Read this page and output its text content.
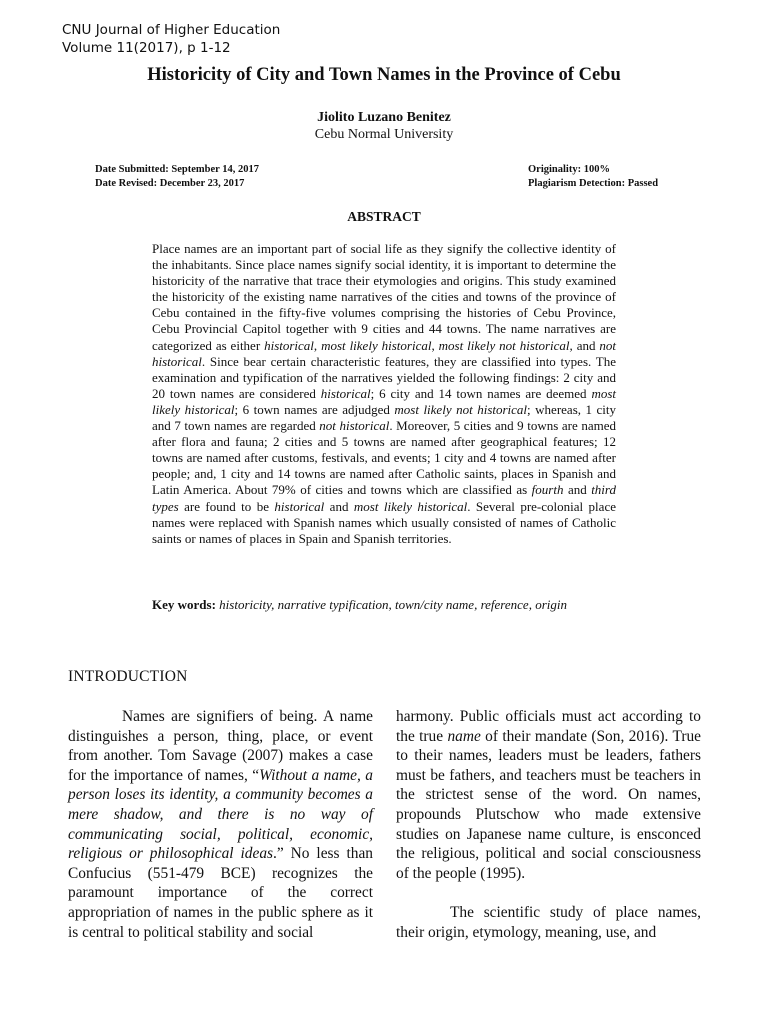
CNU Journal of Higher Education
Volume 11(2017), p 1-12
Historicity of City and Town Names in the Province of Cebu
Jiolito Luzano Benitez
Cebu Normal University
Date Submitted: September 14, 2017
Date Revised: December 23, 2017
Originality: 100%
Plagiarism Detection: Passed
ABSTRACT
Place names are an important part of social life as they signify the collective identity of the inhabitants. Since place names signify social identity, it is important to determine the historicity of the narrative that trace their etymologies and origins. This study examined the historicity of the existing name narratives of the cities and towns of the province of Cebu contained in the fifty-five volumes comprising the histories of Cebu Province, Cebu Provincial Capitol together with 9 cities and 44 towns. The name narratives are categorized as either historical, most likely historical, most likely not historical, and not historical. Since bear certain characteristic features, they are classified into types. The examination and typification of the narratives yielded the following findings: 2 city and 20 town names are considered historical; 6 city and 14 town names are deemed most likely historical; 6 town names are adjudged most likely not historical; whereas, 1 city and 7 town names are regarded not historical. Moreover, 5 cities and 9 towns are named after flora and fauna; 2 cities and 5 towns are named after geographical features; 12 towns are named after customs, festivals, and events; 1 city and 4 towns are named after people; and, 1 city and 14 towns are named after Catholic saints, places in Spanish and Latin America. About 79% of cities and towns which are classified as fourth and third types are found to be historical and most likely historical. Several pre-colonial place names were replaced with Spanish names which usually consisted of names of Catholic saints or names of places in Spain and Spanish territories.
Key words: historicity, narrative typification, town/city name, reference, origin
INTRODUCTION
Names are signifiers of being. A name distinguishes a person, thing, place, or event from another. Tom Savage (2007) makes a case for the importance of names, “Without a name, a person loses its identity, a community becomes a mere shadow, and there is no way of communicating social, political, economic, religious or philosophical ideas.” No less than Confucius (551-479 BCE) recognizes the paramount importance of the correct appropriation of names in the public sphere as it is central to political stability and social
harmony. Public officials must act according to the true name of their mandate (Son, 2016). True to their names, leaders must be leaders, fathers must be fathers, and teachers must be teachers in the strictest sense of the word. On names, propounds Plutschow who made extensive studies on Japanese name culture, is ensconced the religious, political and social consciousness of the people (1995).
The scientific study of place names, their origin, etymology, meaning, use, and
